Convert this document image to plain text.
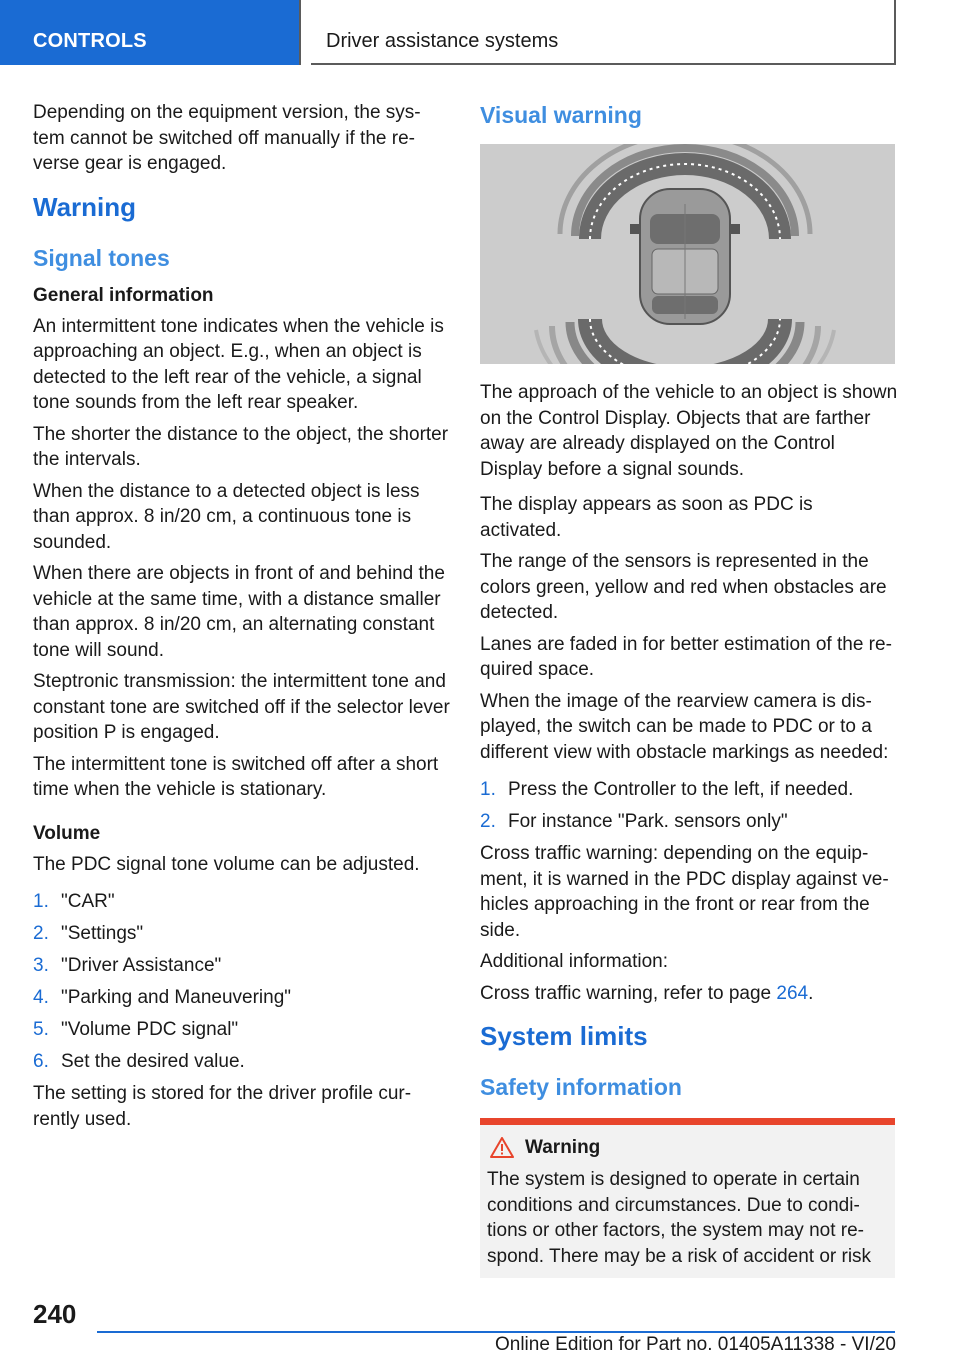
CONTROLS	Driver assistance systems

Depending on the equipment version, the sys-tem cannot be switched off manually if the re-verse gear is engaged.

Warning
Signal tones
General information

An intermittent tone indicates when the vehicle is approaching an object. E.g., when an object is detected to the left rear of the vehicle, a signal tone sounds from the left rear speaker.

The shorter the distance to the object, the shorter the intervals.

When the distance to a detected object is less than approx. 8 in/20 cm, a continuous tone is sounded.

When there are objects in front of and behind the vehicle at the same time, with a distance smaller than approx. 8 in/20 cm, an alternating constant tone will sound.

Steptronic transmission: the intermittent tone and constant tone are switched off if the selector lever position P is engaged.

The intermittent tone is switched off after a short time when the vehicle is stationary.

Volume

The PDC signal tone volume can be adjusted.

1. "CAR"
2. "Settings"
3. "Driver Assistance"
4. "Parking and Maneuvering"
5. "Volume PDC signal"
6. Set the desired value.

The setting is stored for the driver profile cur-rently used.

Visual warning

The approach of the vehicle to an object is shown on the Control Display. Objects that are farther away are already displayed on the Control Display before a signal sounds.

The display appears as soon as PDC is activated.

The range of the sensors is represented in the colors green, yellow and red when obstacles are detected.

Lanes are faded in for better estimation of the re-quired space.

When the image of the rearview camera is dis-played, the switch can be made to PDC or to a different view with obstacle markings as needed:

1. Press the Controller to the left, if needed.
2. For instance "Park. sensors only"

Cross traffic warning: depending on the equip-ment, it is warned in the PDC display against ve-hicles approaching in the front or rear from the side.

Additional information:

Cross traffic warning, refer to page 264.

System limits
Safety information
Warning

The system is designed to operate in certain conditions and circumstances. Due to condi-tions or other factors, the system may not re-spond. There may be a risk of accident or risk

240
Online Edition for Part no. 01405A11338 - VI/20
